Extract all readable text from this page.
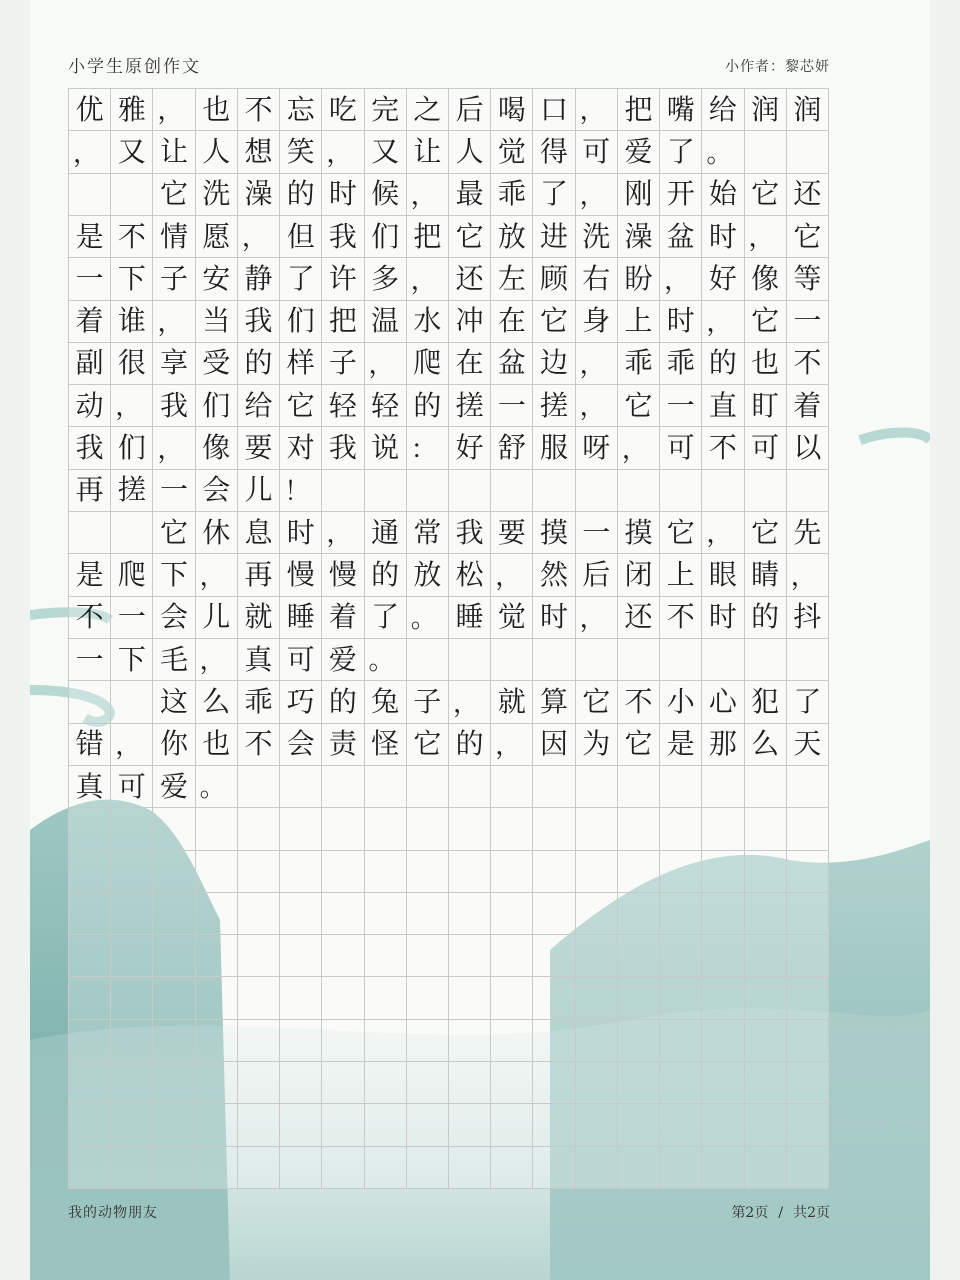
小学生原创作文	小作者：黎芯妍
优 雅 ， 也 不 忘 吃 完 之 后 喝 口 ， 把 嘴 给 润 润
， 又 让 人 想 笑 ， 又 让 人 觉 得 可 爱 了 。
它 洗 澡 的 时 候 ， 最 乖 了 ， 刚 开 始 它 还
是 不 情 愿 ， 但 我 们 把 它 放 进 洗 澡 盆 时 ， 它
一 下 子 安 静 了 许 多 ， 还 左 顾 右 盼 ， 好 像 等
着 谁 ， 当 我 们 把 温 水 冲 在 它 身 上 时 ， 它 一
副 很 享 受 的 样 子 ， 爬 在 盆 边 ， 乖 乖 的 也 不
动 ， 我 们 给 它 轻 轻 的 搓 一 搓 ， 它 一 直 盯 着
我 们 ， 像 要 对 我 说 ： 好 舒 服 呀 ， 可 不 可 以
再 搓 一 会 儿 ！
它 休 息 时 ， 通 常 我 要 摸 一 摸 它 ， 它 先
是 爬 下 ， 再 慢 慢 的 放 松 ， 然 后 闭 上 眼 睛 ，
不 一 会 儿 就 睡 着 了 。 睡 觉 时 ， 还 不 时 的 抖
一 下 毛 ， 真 可 爱 。
这 么 乖 巧 的 兔 子 ， 就 算 它 不 小 心 犯 了
错 ， 你 也 不 会 责 怪 它 的 ， 因 为 它 是 那 么 天
真 可 爱 。
我的动物朋友	第2页 / 共2页
